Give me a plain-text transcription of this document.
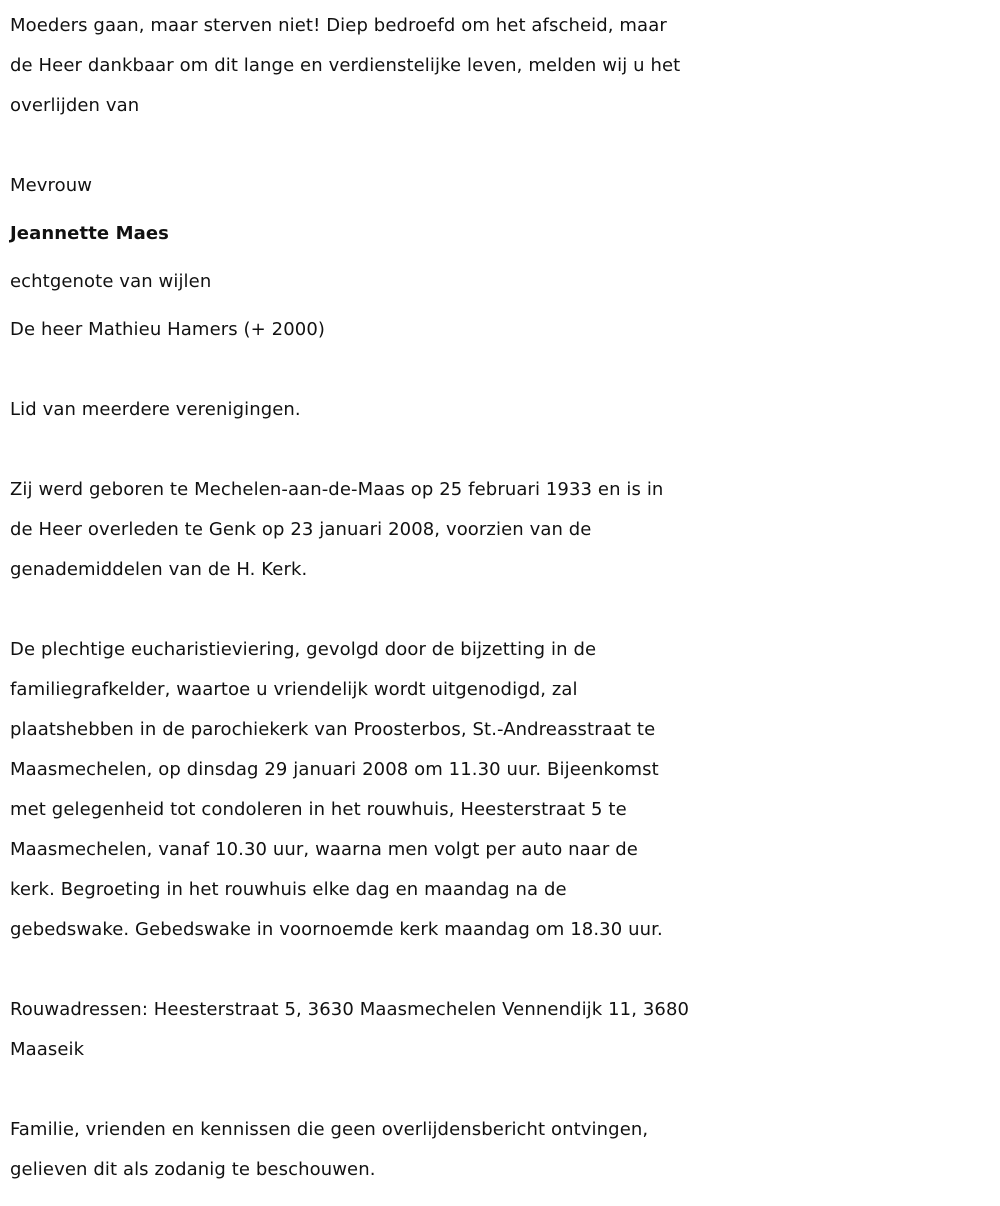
Moeders gaan, maar sterven niet! Diep bedroefd om het afscheid, maar
de Heer dankbaar om dit lange en verdienstelijke leven, melden wij u het
overlijden van
Mevrouw
Jeannette Maes
echtgenote van wijlen
De heer Mathieu Hamers (+ 2000)
Lid van meerdere verenigingen.
Zij werd geboren te Mechelen-aan-de-Maas op 25 februari 1933 en is in
de Heer overleden te Genk op 23 januari 2008, voorzien van de
genademiddelen van de H. Kerk.
De plechtige eucharistieviering, gevolgd door de bijzetting in de
familiegrafkelder, waartoe u vriendelijk wordt uitgenodigd, zal
plaatshebben in de parochiekerk van Proosterbos, St.-Andreasstraat te
Maasmechelen, op dinsdag 29 januari 2008 om 11.30 uur. Bijeenkomst
met gelegenheid tot condoleren in het rouwhuis, Heesterstraat 5 te
Maasmechelen, vanaf 10.30 uur, waarna men volgt per auto naar de
kerk. Begroeting in het rouwhuis elke dag en maandag na de
gebedswake. Gebedswake in voornoemde kerk maandag om 18.30 uur.
Rouwadressen: Heesterstraat 5, 3630 Maasmechelen Vennendijk 11, 3680
Maaseik
Familie, vrienden en kennissen die geen overlijdensbericht ontvingen,
gelieven dit als zodanig te beschouwen.
